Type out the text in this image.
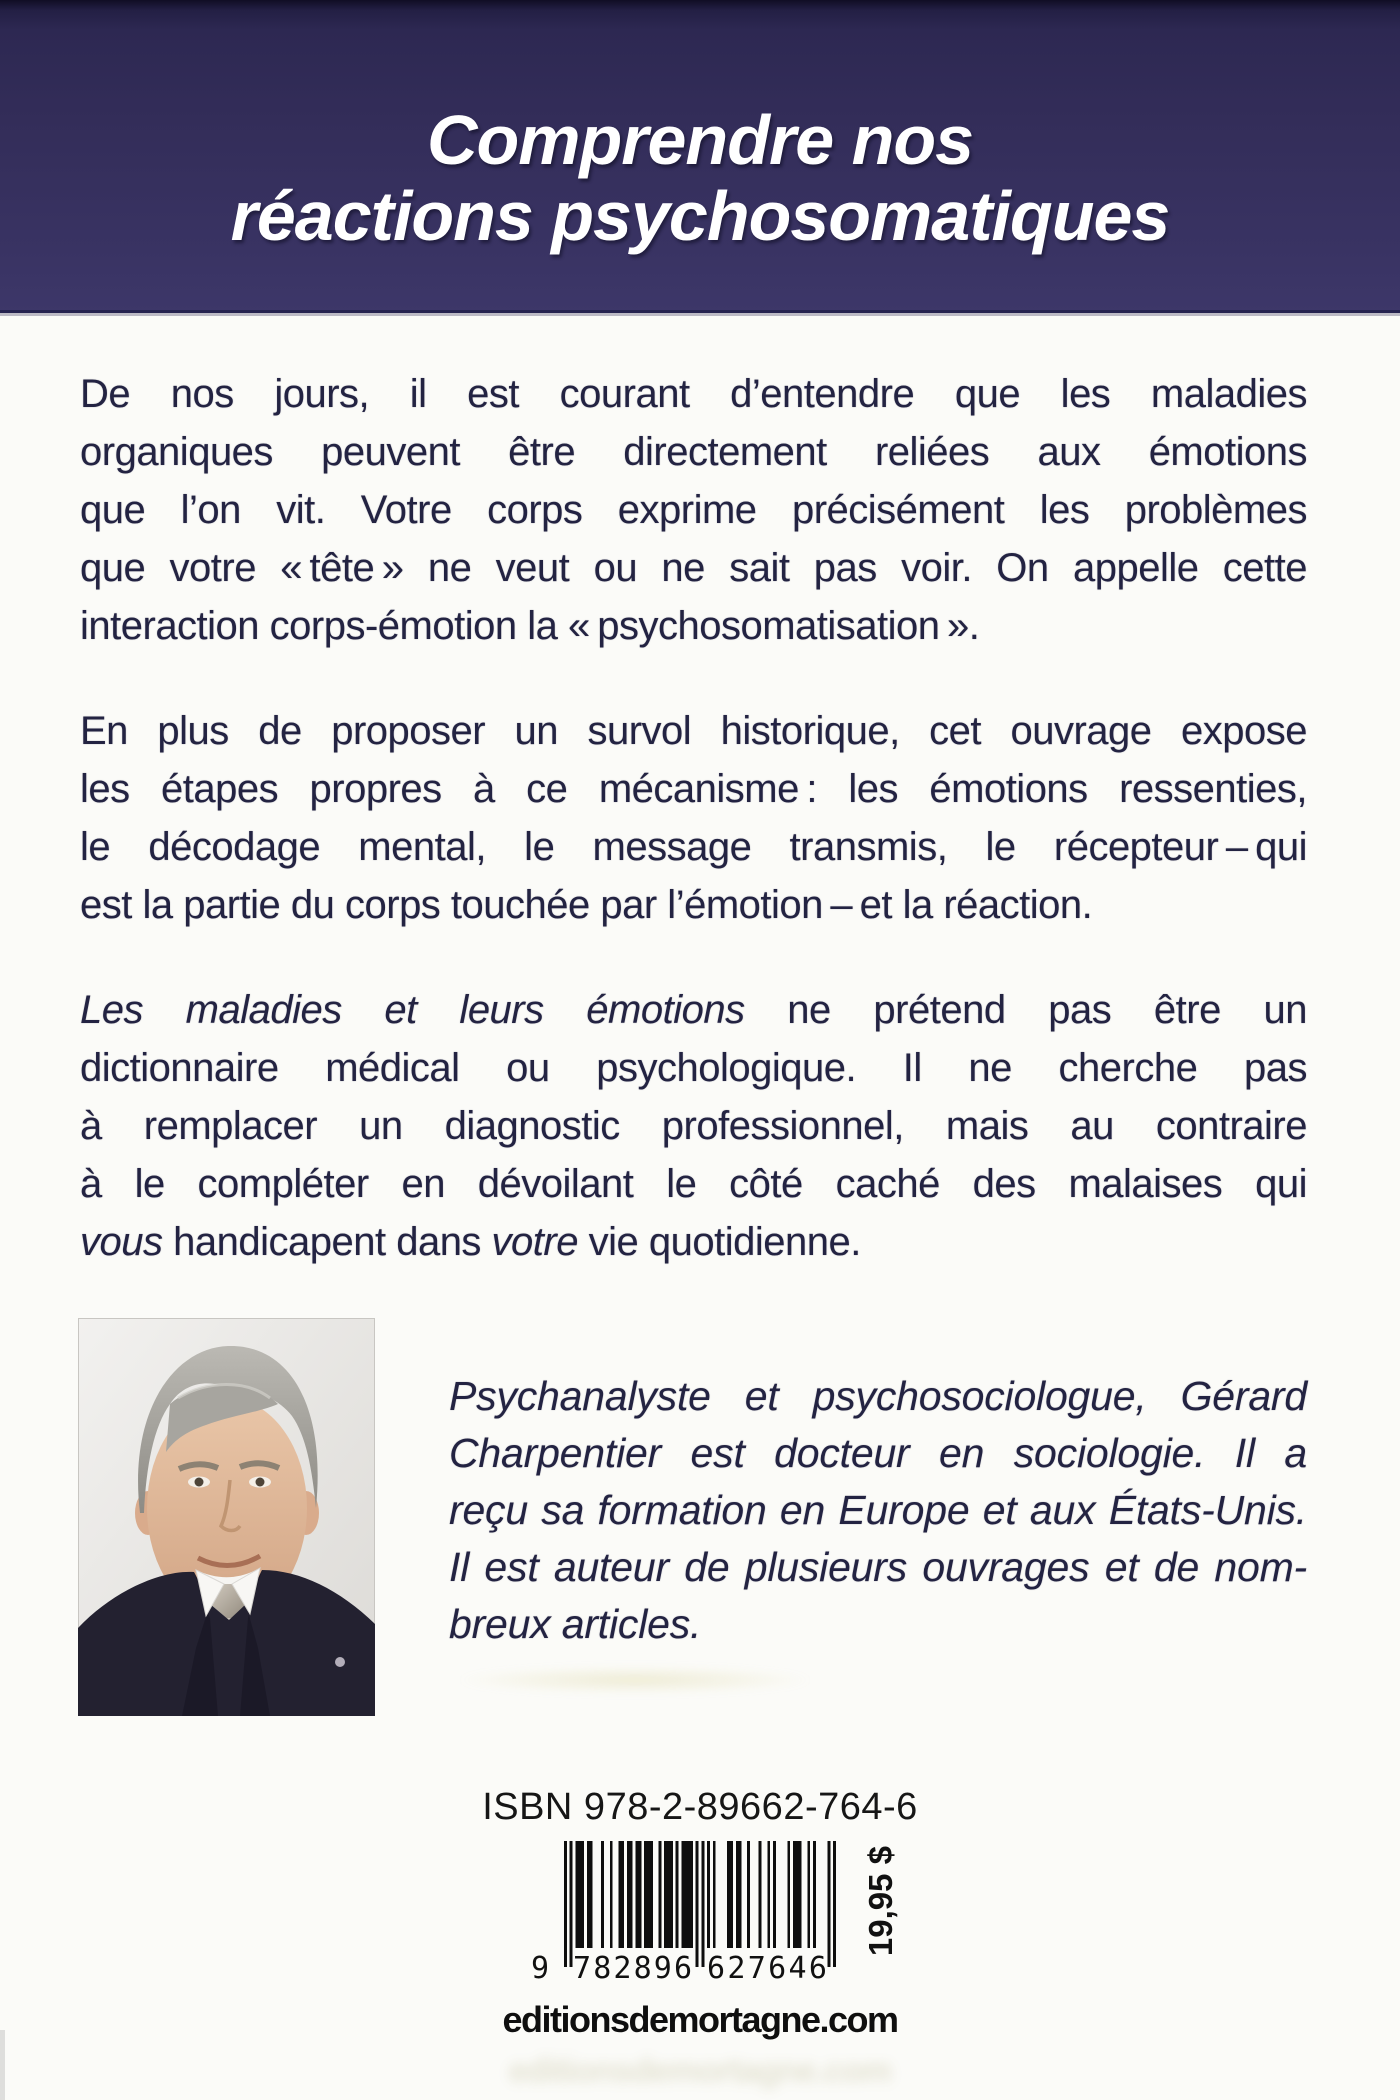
Comprendre nos
réactions psychosomatiques
De nos jours, il est courant d’entendre que les maladies
organiques peuvent être directement reliées aux émotions
que l’on vit. Votre corps exprime précisément les problèmes
que votre « tête » ne veut ou ne sait pas voir. On appelle cette
interaction corps-émotion la « psychosomatisation ».
En plus de proposer un survol historique, cet ouvrage expose
les étapes propres à ce mécanisme : les émotions ressenties,
le décodage mental, le message transmis, le récepteur – qui
est la partie du corps touchée par l’émotion – et la réaction.
Les maladies et leurs émotions ne prétend pas être un
dictionnaire médical ou psychologique. Il ne cherche pas
à remplacer un diagnostic professionnel, mais au contraire
à le compléter en dévoilant le côté caché des malaises qui
vous handicapent dans votre vie quotidienne.
Psychanalyste et psychosociologue, Gérard
Charpentier est docteur en sociologie. Il a
reçu sa formation en Europe et aux États-Unis.
Il est auteur de plusieurs ouvrages et de nom-
breux articles.
ISBN 978-2-89662-764-6
9 7 8 2 8 9 6 6 2 7 6 4 6
19,95 $
editionsdemortagne.com
editionsdemortagne.com
